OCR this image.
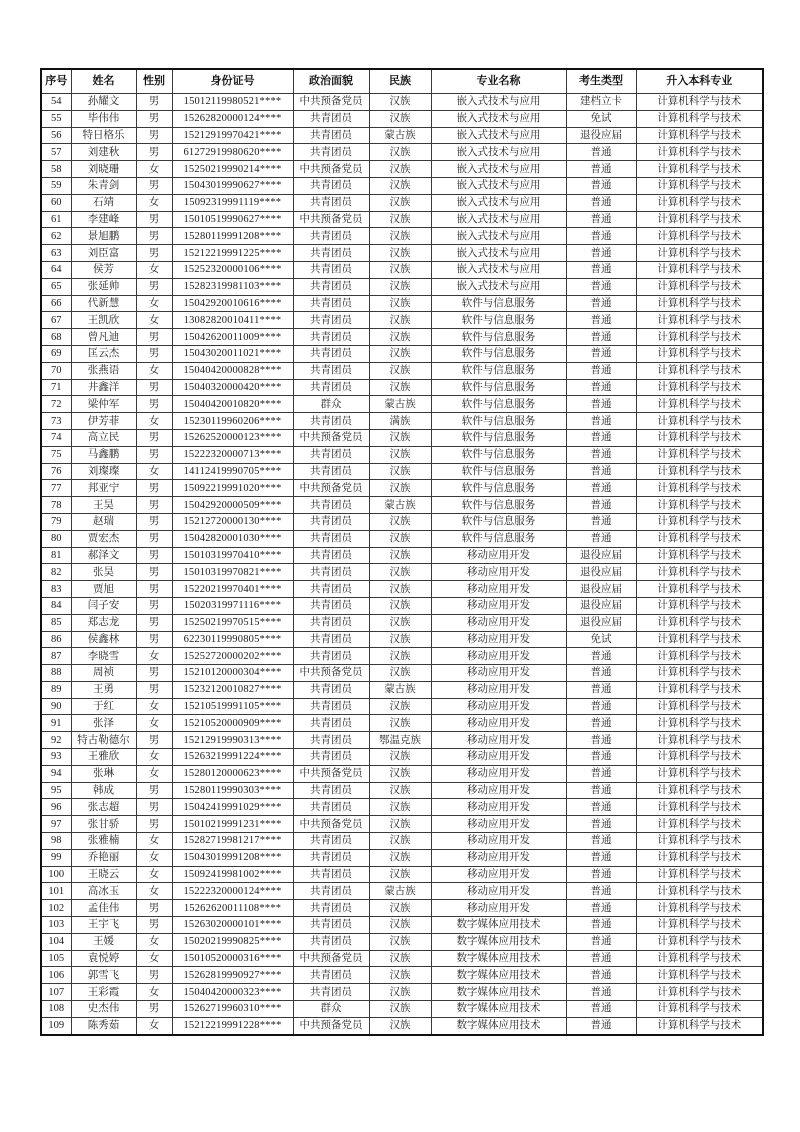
序号	姓名	性别	身份证号	政治面貌	民族	专业名称	考生类型	升入本科专业
54	孙耀文	男	15012119980521****	中共预备党员	汉族	嵌入式技术与应用	建档立卡	计算机科学与技术
55	毕伟伟	男	15262820000124****	共青团员	汉族	嵌入式技术与应用	免试	计算机科学与技术
56	特日格乐	男	15212919970421****	共青团员	蒙古族	嵌入式技术与应用	退役应届	计算机科学与技术
57	刘建秋	男	61272919980620****	共青团员	汉族	嵌入式技术与应用	普通	计算机科学与技术
58	刘晓珊	女	15250219990214****	中共预备党员	汉族	嵌入式技术与应用	普通	计算机科学与技术
59	朱青剑	男	15043019990627****	共青团员	汉族	嵌入式技术与应用	普通	计算机科学与技术
60	石靖	女	15092319991119****	共青团员	汉族	嵌入式技术与应用	普通	计算机科学与技术
61	李建峰	男	15010519990627****	中共预备党员	汉族	嵌入式技术与应用	普通	计算机科学与技术
62	景旭鹏	男	15280119991208****	共青团员	汉族	嵌入式技术与应用	普通	计算机科学与技术
63	刘臣富	男	15212219991225****	共青团员	汉族	嵌入式技术与应用	普通	计算机科学与技术
64	侯芳	女	15252320000106****	共青团员	汉族	嵌入式技术与应用	普通	计算机科学与技术
65	张延帅	男	15282319981103****	共青团员	汉族	嵌入式技术与应用	普通	计算机科学与技术
66	代新慧	女	15042920010616****	共青团员	汉族	软件与信息服务	普通	计算机科学与技术
67	王凯欣	女	13082820010411****	共青团员	汉族	软件与信息服务	普通	计算机科学与技术
68	曾凡迪	男	15042620011009****	共青团员	汉族	软件与信息服务	普通	计算机科学与技术
69	匡云杰	男	15043020011021****	共青团员	汉族	软件与信息服务	普通	计算机科学与技术
70	张燕语	女	15040420000828****	共青团员	汉族	软件与信息服务	普通	计算机科学与技术
71	井鑫洋	男	15040320000420****	共青团员	汉族	软件与信息服务	普通	计算机科学与技术
72	梁仲军	男	15040420010820****	群众	蒙古族	软件与信息服务	普通	计算机科学与技术
73	伊芳菲	女	15230119960206****	共青团员	满族	软件与信息服务	普通	计算机科学与技术
74	高立民	男	15262520000123****	中共预备党员	汉族	软件与信息服务	普通	计算机科学与技术
75	马鑫鹏	男	15222320000713****	共青团员	汉族	软件与信息服务	普通	计算机科学与技术
76	刘璨璨	女	14112419990705****	共青团员	汉族	软件与信息服务	普通	计算机科学与技术
77	邦亚宁	男	15092219991020****	中共预备党员	汉族	软件与信息服务	普通	计算机科学与技术
78	王昊	男	15042920000509****	共青团员	蒙古族	软件与信息服务	普通	计算机科学与技术
79	赵瑞	男	15212720000130****	共青团员	汉族	软件与信息服务	普通	计算机科学与技术
80	贾宏杰	男	15042820001030****	共青团员	汉族	软件与信息服务	普通	计算机科学与技术
81	郝泽文	男	15010319970410****	共青团员	汉族	移动应用开发	退役应届	计算机科学与技术
82	张昊	男	15010319970821****	共青团员	汉族	移动应用开发	退役应届	计算机科学与技术
83	贾旭	男	15220219970401****	共青团员	汉族	移动应用开发	退役应届	计算机科学与技术
84	闫子安	男	15020319971116****	共青团员	汉族	移动应用开发	退役应届	计算机科学与技术
85	郑志龙	男	15250219970515****	共青团员	汉族	移动应用开发	退役应届	计算机科学与技术
86	侯鑫林	男	62230119990805****	共青团员	汉族	移动应用开发	免试	计算机科学与技术
87	李晓雪	女	15252720000202****	共青团员	汉族	移动应用开发	普通	计算机科学与技术
88	周祯	男	15210120000304****	中共预备党员	汉族	移动应用开发	普通	计算机科学与技术
89	王勇	男	15232120010827****	共青团员	蒙古族	移动应用开发	普通	计算机科学与技术
90	于红	女	15210519991105****	共青团员	汉族	移动应用开发	普通	计算机科学与技术
91	张泽	女	15210520000909****	共青团员	汉族	移动应用开发	普通	计算机科学与技术
92	特古勒德尔	男	15212919990313****	共青团员	鄂温克族	移动应用开发	普通	计算机科学与技术
93	王雅欣	女	15263219991224****	共青团员	汉族	移动应用开发	普通	计算机科学与技术
94	张琳	女	15280120000623****	中共预备党员	汉族	移动应用开发	普通	计算机科学与技术
95	韩成	男	15280119990303****	共青团员	汉族	移动应用开发	普通	计算机科学与技术
96	张志超	男	15042419991029****	共青团员	汉族	移动应用开发	普通	计算机科学与技术
97	张甘骄	男	15010219991231****	中共预备党员	汉族	移动应用开发	普通	计算机科学与技术
98	张雅楠	女	15282719981217****	共青团员	汉族	移动应用开发	普通	计算机科学与技术
99	乔艳丽	女	15043019991208****	共青团员	汉族	移动应用开发	普通	计算机科学与技术
100	王晓云	女	15092419981002****	共青团员	汉族	移动应用开发	普通	计算机科学与技术
101	高冰玉	女	15222320000124****	共青团员	蒙古族	移动应用开发	普通	计算机科学与技术
102	孟佳伟	男	15262620011108****	共青团员	汉族	移动应用开发	普通	计算机科学与技术
103	王宇飞	男	15263020000101****	共青团员	汉族	数字媒体应用技术	普通	计算机科学与技术
104	王媛	女	15020219990825****	共青团员	汉族	数字媒体应用技术	普通	计算机科学与技术
105	袁悦婷	女	15010520000316****	中共预备党员	汉族	数字媒体应用技术	普通	计算机科学与技术
106	郭雪飞	男	15262819990927****	共青团员	汉族	数字媒体应用技术	普通	计算机科学与技术
107	王彩霞	女	15040420000323****	共青团员	汉族	数字媒体应用技术	普通	计算机科学与技术
108	史杰伟	男	15262719960310****	群众	汉族	数字媒体应用技术	普通	计算机科学与技术
109	陈秀茹	女	15212219991228****	中共预备党员	汉族	数字媒体应用技术	普通	计算机科学与技术
